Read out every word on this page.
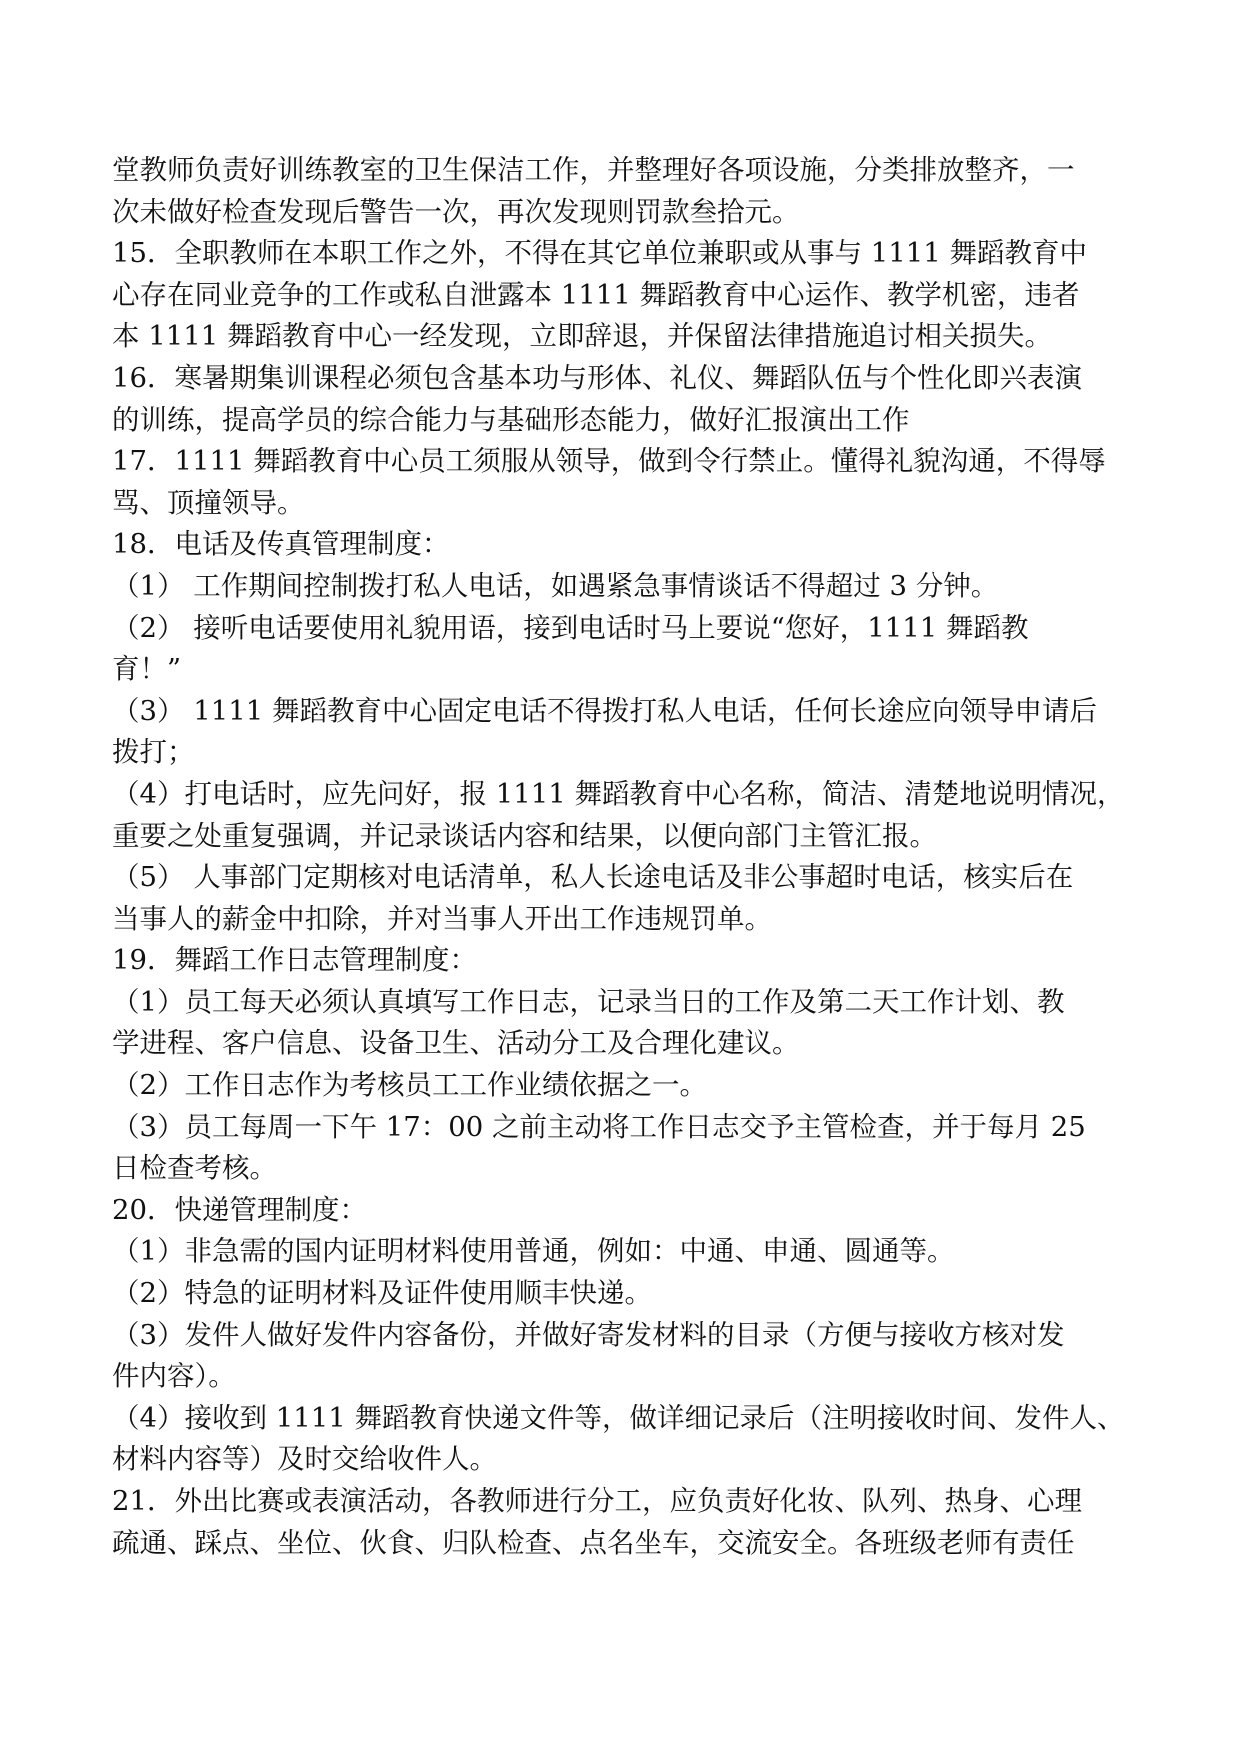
堂教师负责好训练教室的卫生保洁工作，并整理好各项设施，分类排放整齐，一
次未做好检查发现后警告一次，再次发现则罚款叁拾元。
15．全职教师在本职工作之外，不得在其它单位兼职或从事与 1111 舞蹈教育中
心存在同业竞争的工作或私自泄露本 1111 舞蹈教育中心运作、教学机密，违者
本 1111 舞蹈教育中心一经发现，立即辞退，并保留法律措施追讨相关损失。
16．寒暑期集训课程必须包含基本功与形体、礼仪、舞蹈队伍与个性化即兴表演
的训练，提高学员的综合能力与基础形态能力，做好汇报演出工作
17．1111 舞蹈教育中心员工须服从领导，做到令行禁止。懂得礼貌沟通，不得辱
骂、顶撞领导。
18．电话及传真管理制度：
（1） 工作期间控制拨打私人电话，如遇紧急事情谈话不得超过 3 分钟。
（2） 接听电话要使用礼貌用语，接到电话时马上要说“您好，1111 舞蹈教
育！”
（3） 1111 舞蹈教育中心固定电话不得拨打私人电话，任何长途应向领导申请后
拨打；
（4）打电话时，应先问好，报 1111 舞蹈教育中心名称，简洁、清楚地说明情况，
重要之处重复强调，并记录谈话内容和结果，以便向部门主管汇报。
（5） 人事部门定期核对电话清单，私人长途电话及非公事超时电话，核实后在
当事人的薪金中扣除，并对当事人开出工作违规罚单。
19．舞蹈工作日志管理制度：
（1）员工每天必须认真填写工作日志，记录当日的工作及第二天工作计划、教
学进程、客户信息、设备卫生、活动分工及合理化建议。
（2）工作日志作为考核员工工作业绩依据之一。
（3）员工每周一下午 17：00 之前主动将工作日志交予主管检查，并于每月 25
日检查考核。
20．快递管理制度：
（1）非急需的国内证明材料使用普通，例如：中通、申通、圆通等。
（2）特急的证明材料及证件使用顺丰快递。
（3）发件人做好发件内容备份，并做好寄发材料的目录（方便与接收方核对发
件内容）。
（4）接收到 1111 舞蹈教育快递文件等，做详细记录后（注明接收时间、发件人、
材料内容等）及时交给收件人。
21．外出比赛或表演活动，各教师进行分工，应负责好化妆、队列、热身、心理
疏通、踩点、坐位、伙食、归队检查、点名坐车，交流安全。各班级老师有责任
